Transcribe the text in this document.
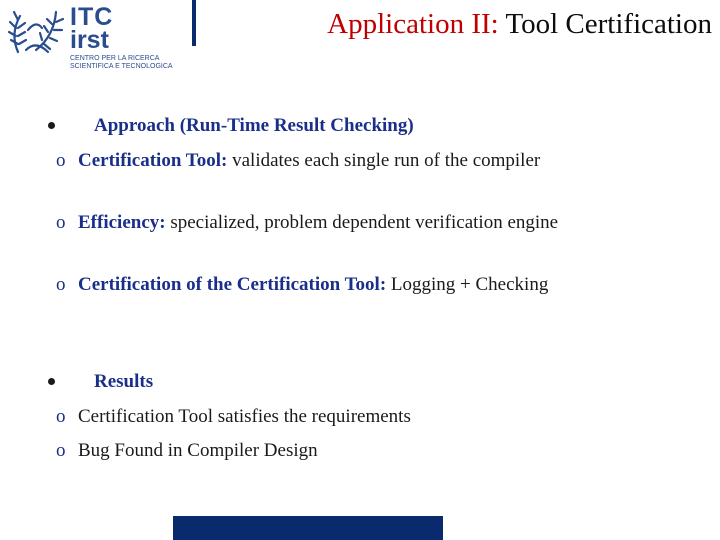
Application II: Tool Certification
ITC
irst
CENTRO PER LA RICERCA
SCIENTIFICA E TECNOLOGICA
Approach (Run-Time Result Checking)
o Certification Tool: validates each single run of the compiler
o Efficiency: specialized, problem dependent verification engine
o Certification of the Certification Tool: Logging + Checking
Results
o Certification Tool satisfies the requirements
o Bug Found in Compiler Design
